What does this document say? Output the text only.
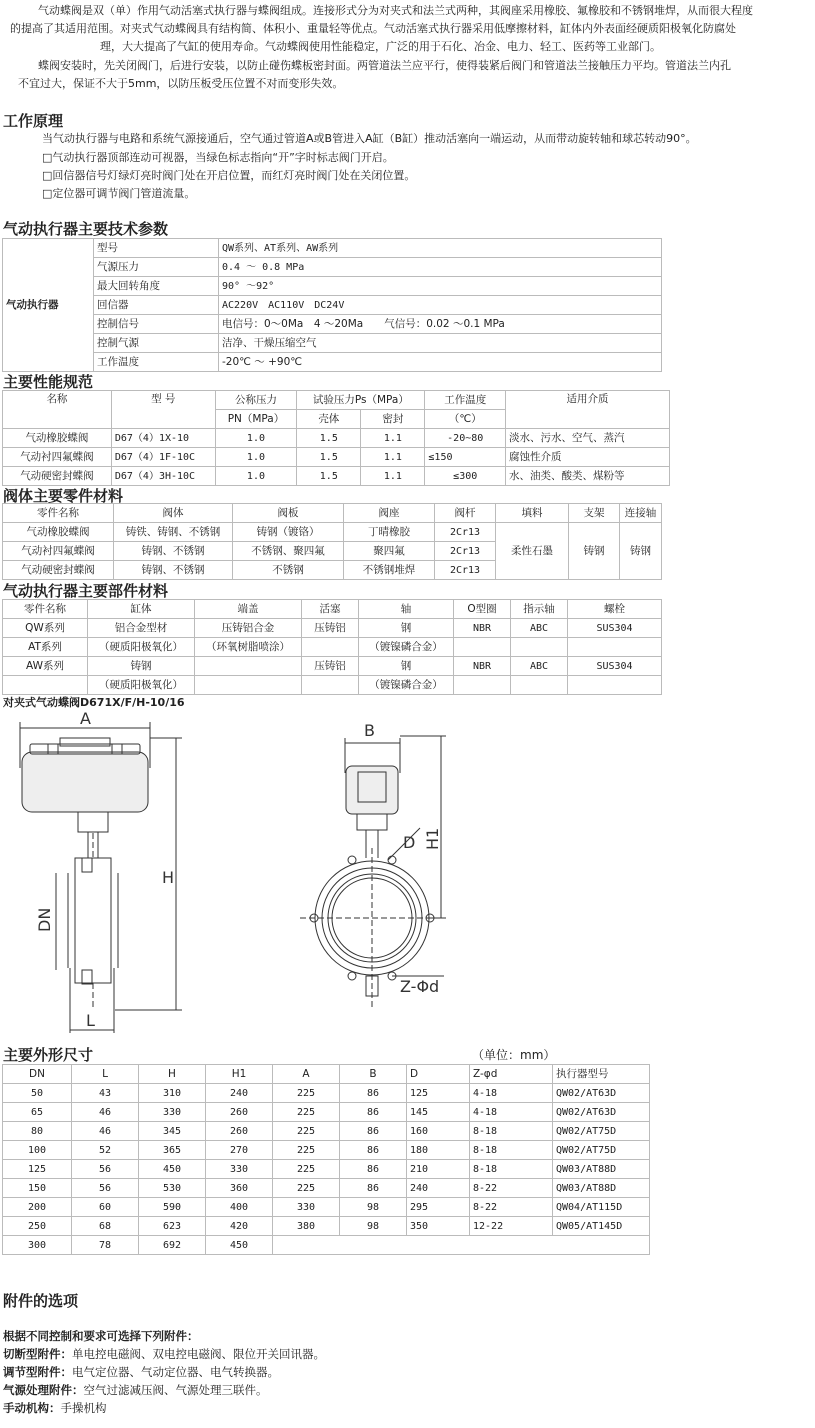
气动蝶阀是双（单）作用气动活塞式执行器与蝶阀组成。连接形式分为对夹式和法兰式两种，其阀座采用橡胶、氟橡胶和不锈钢堆焊，从而很大程度
的提高了其适用范围。对夹式气动蝶阀具有结构简、体积小、重量轻等优点。气动活塞式执行器采用低摩擦材料，缸体内外表面经硬质阳极氧化防腐处
理，大大提高了气缸的使用寿命。气动蝶阀使用性能稳定，广泛的用于石化、冶金、电力、轻工、医药等工业部门。
蝶阀安装时，先关闭阀门，后进行安装，以防止碰伤蝶板密封面。两管道法兰应平行，使得装紧后阀门和管道法兰接触压力平均。管道法兰内孔
不宜过大，保证不大于5mm，以防压板受压位置不对而变形失效。
工作原理
当气动执行器与电路和系统气源接通后，空气通过管道A或B管进入A缸（B缸）推动活塞向一端运动，从而带动旋转轴和球芯转动90°。
□气动执行器顶部连动可视器，当绿色标志指向“开”字时标志阀门开启。
□回信器信号灯绿灯亮时阀门处在开启位置，而红灯亮时阀门处在关闭位置。
□定位器可调节阀门管道流量。
气动执行器主要技术参数
气动执行器	型号	QW系列、AT系列、AW系列
	气源压力	0.4 ～ 0.8 MPa
	最大回转角度	90° ～92°
	回信器	AC220V　AC110V　DC24V
	控制信号	电信号：0～0Ma　4 ～20Ma　　气信号：0.02 ～0.1 MPa
	控制气源	洁净、干燥压缩空气
	工作温度	-20℃ ～ +90℃
主要性能规范
名称	型 号	公称压力	试验压力Ps（MPa）		工作温度	适用介质
		PN（MPa）	壳体	密封	（℃）	
气动橡胶蝶阀	D67（4）1X-10	1.0	1.5	1.1	-20~80	淡水、污水、空气、蒸汽
气动衬四氟蝶阀	D67（4）1F-10C	1.0	1.5	1.1	≤150	腐蚀性介质
气动硬密封蝶阀	D67（4）3H-10C	1.0	1.5	1.1	≤300	水、油类、酸类、煤粉等
阀体主要零件材料
零件名称	阀体	阀板	阀座	阀杆	填料	支架	连接轴
气动橡胶蝶阀	铸铁、铸钢、不锈钢	铸钢（镀铬）	丁晴橡胶	2Cr13	柔性石墨	铸钢	铸钢
气动衬四氟蝶阀	铸钢、不锈钢	不锈钢、聚四氟	聚四氟	2Cr13			
气动硬密封蝶阀	铸钢、不锈钢	不锈钢	不锈钢堆焊	2Cr13			
气动执行器主要部件材料
零件名称	缸体	端盖	活塞	轴	O型圈	指示轴	螺栓
QW系列	铝合金型材	压铸铝合金	压铸铝	钢	NBR	ABC	SUS304
AT系列	（硬质阳极氧化）	（环氧树脂喷涂）		（镀镍磷合金）			
AW系列	铸钢		压铸铝	钢	NBR	ABC	SUS304
	（硬质阳极氧化）			（镀镍磷合金）			
对夹式气动蝶阀D671X/F/H-10/16
A
H
DN
L
B
H1
D
Z-Φd
主要外形尺寸	（单位：mm）
DN	L	H	H1	A	B	D	Z-φd	执行器型号
50	43	310	240	225	86	125	4-18	QW02/AT63D
65	46	330	260	225	86	145	4-18	QW02/AT63D
80	46	345	260	225	86	160	8-18	QW02/AT75D
100	52	365	270	225	86	180	8-18	QW02/AT75D
125	56	450	330	225	86	210	8-18	QW03/AT88D
150	56	530	360	225	86	240	8-22	QW03/AT88D
200	60	590	400	330	98	295	8-22	QW04/AT115D
250	68	623	420	380	98	350	12-22	QW05/AT145D
300	78	692	450					
附件的选项
根据不同控制和要求可选择下列附件：
切断型附件：单电控电磁阀、双电控电磁阀、限位开关回讯器。
调节型附件：电气定位器、气动定位器、电气转换器。
气源处理附件：空气过滤减压阀、气源处理三联件。
手动机构：手操机构
